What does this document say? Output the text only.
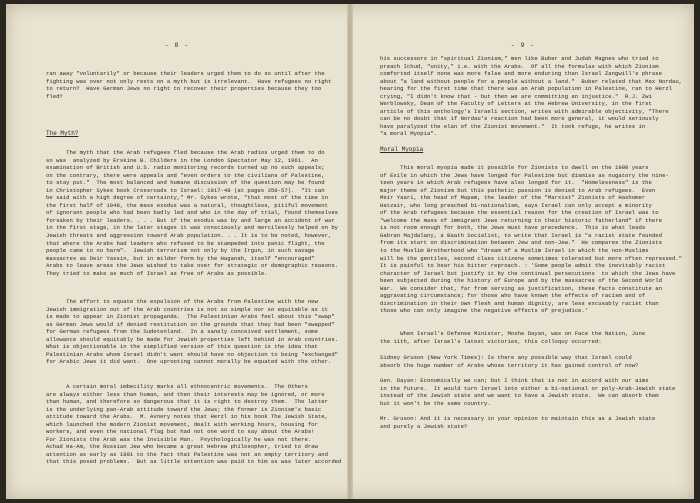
- 8 -
ran away "voluntarily" or because their leaders urged them to do so until after the
fighting was over not only rests on a myth but is irrelevant.  Have refugees no right
to return?  Have German Jews no right to recover their properties because they too
fled?
The Myth?
The myth that the Arab refugees fled because the Arab radios urged them to do
so was  analyzed by Erskine B. Childers in the London Spectator May 12, 1961.  An
examination of British and U.S. radio monitoring records turned up no such appeals;
on the contrary, there were appeals and "even orders to the civilians of Palestine,
to stay put."  The most balanced and humane discussion of the question may be found
in Christopher Sykes book Crossroads to Israel: 1917-48 (at pages 350-57).  "It can
be said with a high degree of certainty," Mr. Sykes wrote, "that most of the time in
the first half of 1948, the mass exodus was a natural, thoughtless, pitiful movement
of ignorant people who had been badly led and who in the day of trial, found themselves
forsaken by their leaders. . . . But if the exodus was by and large an accident of war
in the first stage, in the later stages it was consciously and mercilessly helped on by
Jewish threats and aggression toward Arab population. . . It is to be noted, however,
that where the Arabs had leaders who refused to be stampeded into panic flight, the
people came to no harm".  Jewish terrorism not only by the Irgun, in such savage
massacres as Deir Yassin, but in milder form by the Haganah, itself "encouraged"
Arabs to leave areas the Jews wished to take over for strategic or demographic reasons.
They tried to make as much of Israel as free of Arabs as possible.
The effort to equate the expulsion of the Arabs from Palestine with the new
Jewish immigration out of the Arab countries is not so simple nor so equitable as it
is made to appear in Zionist propaganda.  The Palestinian Arabs feel about this "swap"
as German Jews would if denied restitution on the grounds that they had been "swapped"
for German refugees from the Sudetenland.  In a sanely conceived settlement, some
allowance should equitably be made for Jewish properties left behind in Arab countries.
What is objectionable in the simplified version of this question is the idea that
Palestinian Arabs whom Israel didn't want should have no objection to being "exchanged"
for Arabic Jews it did want.  One uprooting cannot morally be equated with the other.
A certain moral imbecility marks all ethnocentric movements.  The Others
are always either less than human, and then their interests may be ignored, or more
than human, and therefore so dangerous that it is right to destroy them.  The latter
is the underlying pan-Arab attitude toward the Jews; the former is Zionism's basic
attitude toward the Arabs.  M. Avnery notes that Herzl in his book The Jewish State,
which launched the modern Zionist movement, dealt with working hours, housing for
workers, and even the national flag but had not one word to say about the Arabs!
For Zionists the Arab was the Invisible Man.  Psychologically he was not there.
Achad Ha-Am, the Russian Jew who became a great Hebrew philosopher, tried to draw
attention as early as 1891 to the fact that Palestine was not an empty territory and
that this posed problems.  But as little attention was paid to him as was later accorded
- 9 -
his successors in "spiritual Zionism," men like Buber and Judah Magnes who tried to
preach Ichud, "unity," i.e. with the Arabs.  Of all the formulas with which Zionism
comforted itself none was more false and more enduring than Israel Zangwill's phrase
about "a land without people for a people without a land."  Buber related that Max Nordau,
hearing for the first time that there was an Arab population in Palestine, ran to Herzl
crying, "I didn't know that - but then we are committing an injustice."  R.J. Zwi
Werblowsky, Dean of the Faculty of Letters at the Hebrew University, in the first
article of this anthology's Israeli section, writes with admirable objectivity, "There
can be no doubt that if Nordau's reaction had been more general, it would seriously
have paralyzed the elan of the Zionist movement."  It took refuge, he writes in
"a moral Myopia".
Moral Myopia
This moral myopia made it possible for Zionists to dwell on the 1900 years
of Exile in which the Jews have longed for Palestine but dismiss as nugatory the nine-
teen years in which Arab refugees have also longed for it.  "Homelessness" is the
major theme of Zionism but this pathetic passion is denied to Arab refugees.  Even
Meir Yaari, the head of Mapam, the leader of the "Marxist" Zionists of Hashomer
Hatzair, who long preached bi-nationalism, says Israel can only accept a minority
of the Arab refugees because the essential reason for the creation of Israel was to
"welcome the mass of immigrant Jews returning to their historic fatherland" if there
is not room enough for both, the Jews must have precedence.  This is what leads
Gabran Majdalany, a Baath Socialist, to write that Israel is "a racist state founded
from its start on discrimination between Jew and non-Jew."  He compares the Zionists
to the Muslim Brotherhood who "dream of a Muslim Israel in which the non-Muslims
will be the gentiles, second class citizens sometimes tolerated but more often repressed."
It is painful to hear his bitter reproach. : 'Some people admit the inevitably racist
character of Israel but justify it by the continual persecutions  to which the Jews have
been subjected during the history of Europe and by the massacres of the Second World
War.  We consider that, far from serving as justification, these facts constitute an
aggravating circumstance; for those who have known the effects of racism and of
discrimination in their own flesh and human dignity, are less excusably racist than
those who can only imagine the negative effects of prejudice.'
When Israel's Defense Minister, Moshe Dayan, was on Face the Nation, June
the 11th, after Israel's latest victories, this colloquy occurred:
Sidney Gruson (New York Times): Is there any possible way that Israel could
absorb the huge number of Arabs whose territory it has gained control of now?
Gen. Dayan: Economically we can; but I think that is not in accord with our aims
in the future.  It would turn Israel into either a bi-national or poly-Arab-Jewish state
instead of the Jewish state and we want to have a Jewish state.  We can absorb them
but it won't be the same country.
Mr. Gruson: And it is necessary in your opinion to maintain this as a Jewish state
and purely a Jewish state?
